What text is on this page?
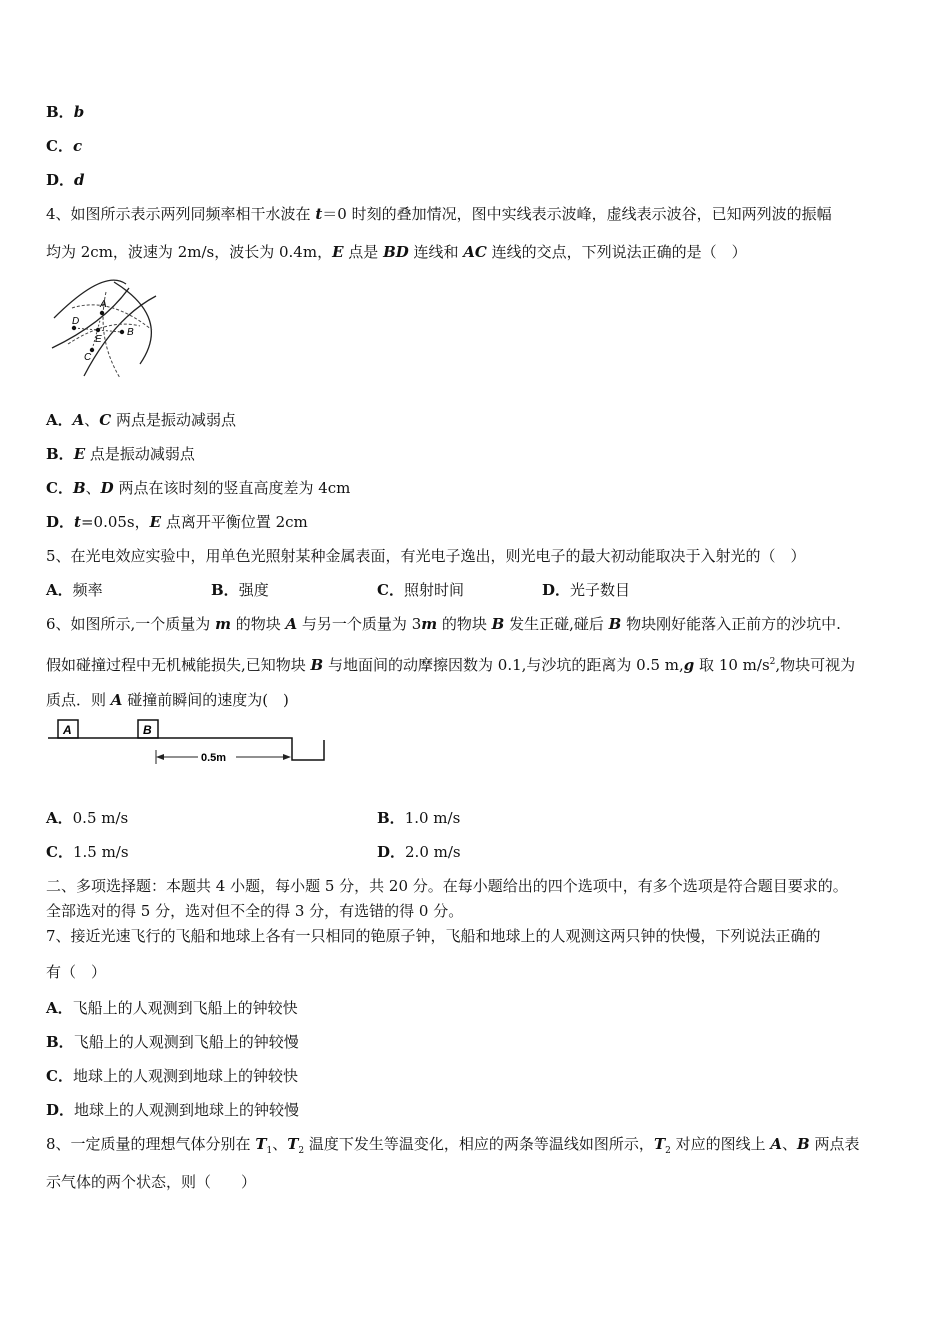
B．b
C．c
D．d
4、如图所示表示两列同频率相干水波在 t＝0 时刻的叠加情况，图中实线表示波峰，虚线表示波谷，已知两列波的振幅
均为 2cm，波速为 2m/s，波长为 0.4m，E 点是 BD 连线和 AC 连线的交点，下列说法正确的是（　）
A
B
C
D
E
A．A、C 两点是振动减弱点
B．E 点是振动减弱点
C．B、D 两点在该时刻的竖直高度差为 4cm
D．t=0.05s，E 点离开平衡位置 2cm
5、在光电效应实验中，用单色光照射某种金属表面，有光电子逸出，则光电子的最大初动能取决于入射光的（　）
A．频率	B．强度	C．照射时间	D．光子数目
6、如图所示,一个质量为 m 的物块 A 与另一个质量为 3m 的物块 B 发生正碰,碰后 B 物块刚好能落入正前方的沙坑中.
假如碰撞过程中无机械能损失,已知物块 B 与地面间的动摩擦因数为 0.1,与沙坑的距离为 0.5 m,g 取 10 $m/s^2$,物块可视为
质点．则 A 碰撞前瞬间的速度为(　)
A	B
0.5m
A．0.5 m/s	B．1.0 m/s
C．1.5 m/s	D．2.0 m/s
二、多项选择题：本题共 4 小题，每小题 5 分，共 20 分。在每小题给出的四个选项中，有多个选项是符合题目要求的。
全部选对的得 5 分，选对但不全的得 3 分，有选错的得 0 分。
7、接近光速飞行的飞船和地球上各有一只相同的铯原子钟，飞船和地球上的人观测这两只钟的快慢，下列说法正确的
有（　）
A．飞船上的人观测到飞船上的钟较快
B．飞船上的人观测到飞船上的钟较慢
C．地球上的人观测到地球上的钟较快
D．地球上的人观测到地球上的钟较慢
8、一定质量的理想气体分别在 $T_1$、$T_2$ 温度下发生等温变化，相应的两条等温线如图所示，$T_2$ 对应的图线上 A、B 两点表
示气体的两个状态，则（　　）
